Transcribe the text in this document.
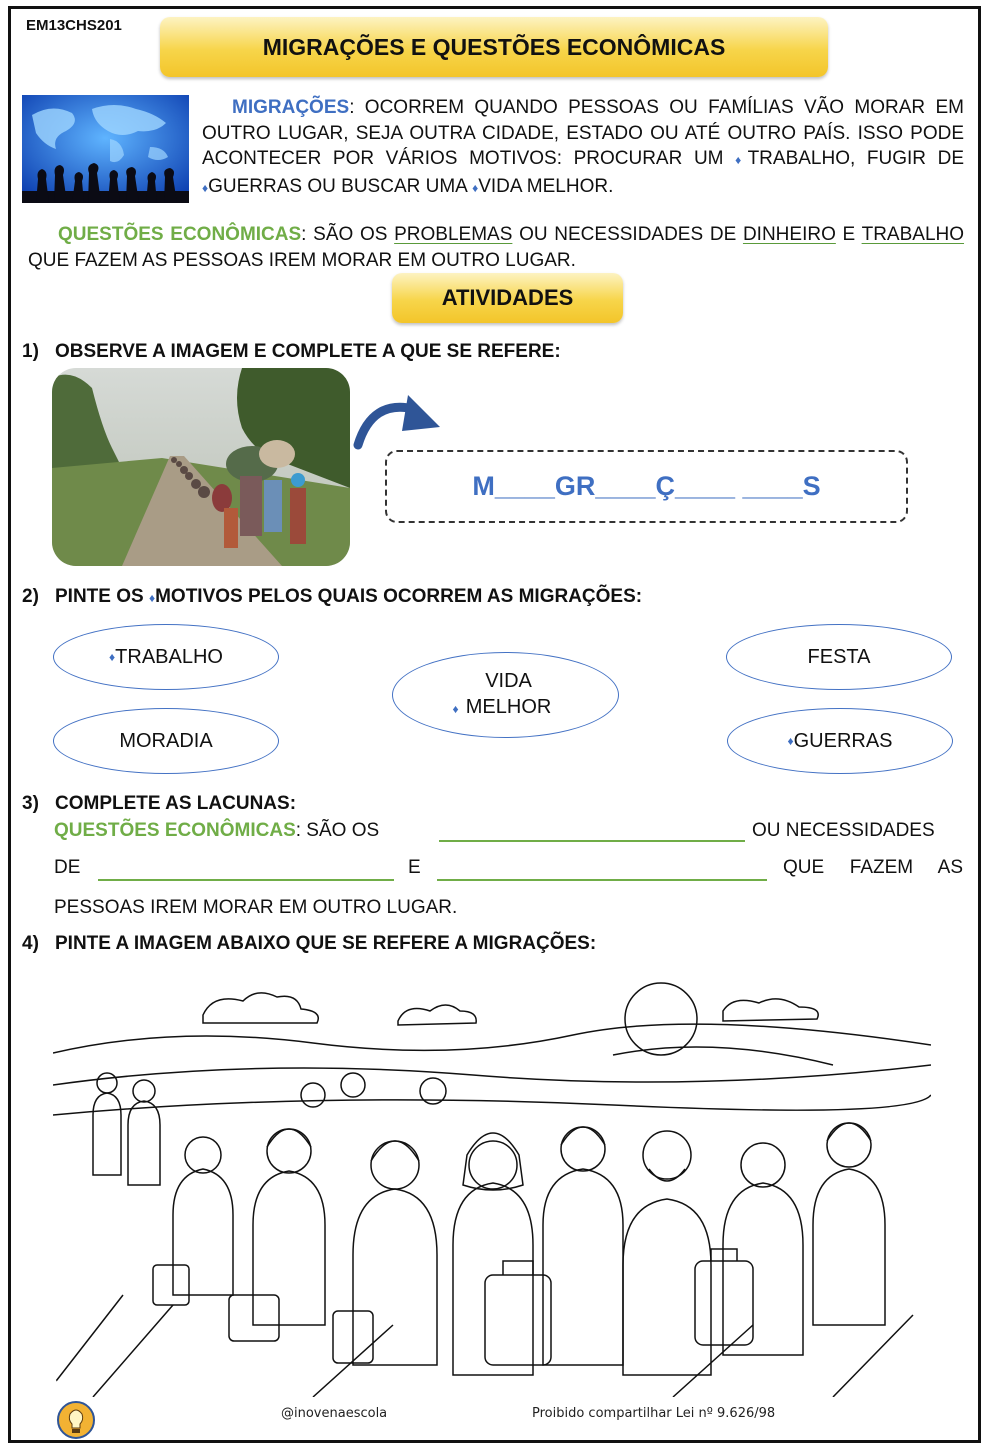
EM13CHS201
MIGRAÇÕES E QUESTÕES ECONÔMICAS
MIGRAÇÕES: OCORREM QUANDO PESSOAS OU FAMÍLIAS VÃO MORAR EM OUTRO LUGAR, SEJA OUTRA CIDADE, ESTADO OU ATÉ OUTRO PAÍS. ISSO PODE ACONTECER POR VÁRIOS MOTIVOS: PROCURAR UM ♦TRABALHO, FUGIR DE ♦GUERRAS OU BUSCAR UMA ♦VIDA MELHOR.
QUESTÕES ECONÔMICAS: SÃO OS PROBLEMAS OU NECESSIDADES DE DINHEIRO E TRABALHO QUE FAZEM AS PESSOAS IREM MORAR EM OUTRO LUGAR.
ATIVIDADES
1) OBSERVE A IMAGEM E COMPLETE A QUE SE REFERE:
M____GR____Ç____ ____S
2) PINTE OS ♦MOTIVOS PELOS QUAIS OCORREM AS MIGRAÇÕES:
♦ TRABALHO
MORADIA
♦VIDA MELHOR
FESTA
♦ GUERRAS
3) COMPLETE AS LACUNAS:
QUESTÕES ECONÔMICAS: SÃO OS	OU NECESSIDADES
DE	E	QUE FAZEM AS
PESSOAS IREM MORAR EM OUTRO LUGAR.
4) PINTE A IMAGEM ABAIXO QUE SE REFERE A MIGRAÇÕES:
@inovenaescola	Proibido compartilhar Lei nº 9.626/98
